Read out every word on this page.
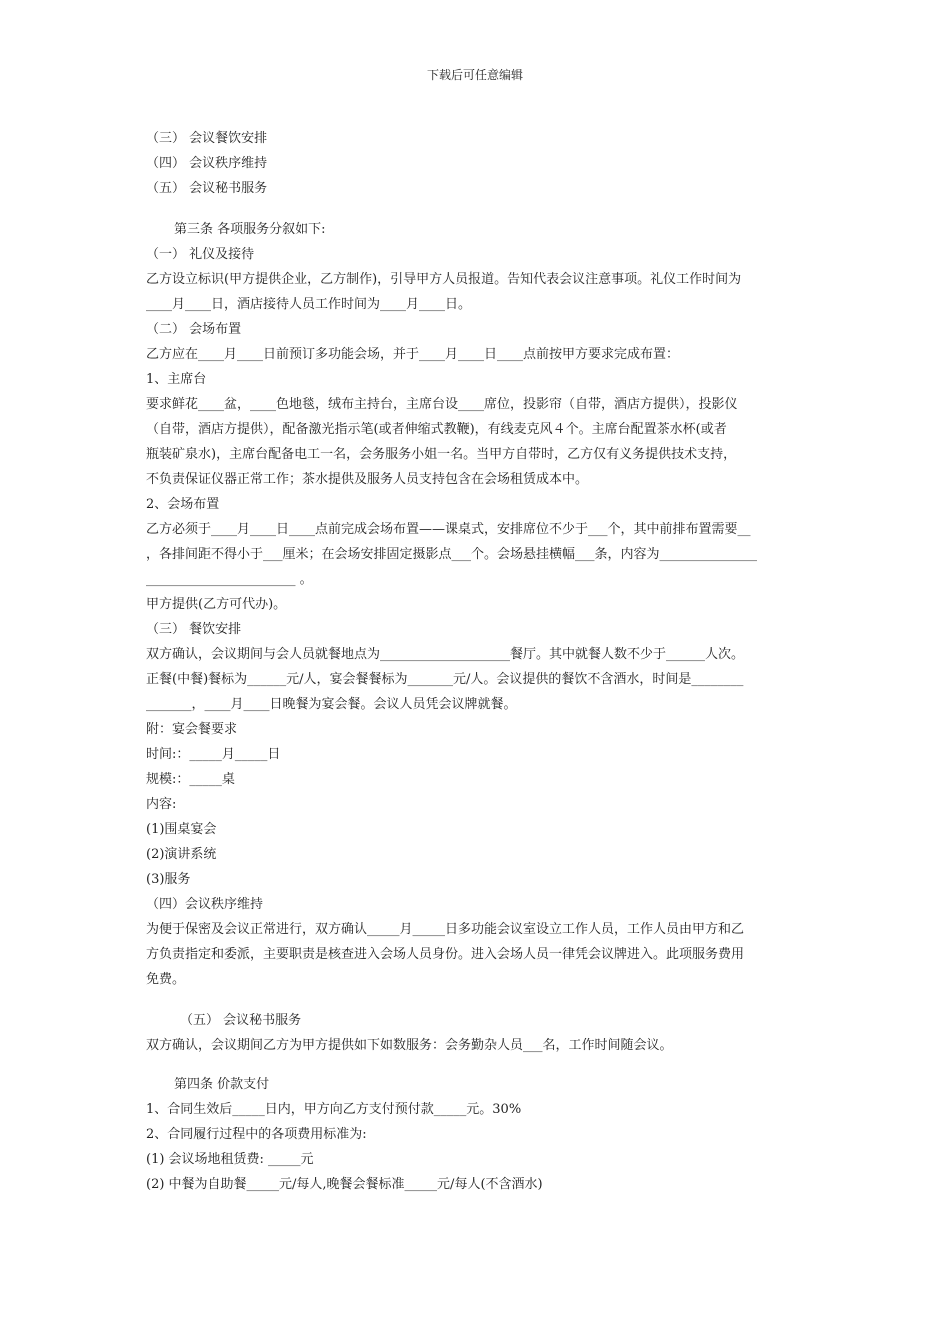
下载后可任意编辑
（三） 会议餐饮安排
（四） 会议秩序维持
（五） 会议秘书服务
第三条 各项服务分叙如下:
（一） 礼仪及接待
乙方设立标识(甲方提供企业，乙方制作)，引导甲方人员报道。告知代表会议注意事项。礼仪工作时间为
____月____日，酒店接待人员工作时间为____月____日。
（二） 会场布置
乙方应在____月____日前预订多功能会场，并于____月____日____点前按甲方要求完成布置：
1、主席台
要求鲜花____盆，____色地毯，绒布主持台，主席台设____席位，投影帘（自带，酒店方提供），投影仪
（自带，酒店方提供），配备激光指示笔(或者伸缩式教鞭)，有线麦克风４个。主席台配置茶水杯(或者
瓶装矿泉水)，主席台配备电工一名，会务服务小姐一名。当甲方自带时，乙方仅有义务提供技术支持，
不负责保证仪器正常工作；茶水提供及服务人员支持包含在会场租赁成本中。
2、会场布置
乙方必须于____月____日____点前完成会场布置——课桌式，安排席位不少于___个，其中前排布置需要__
，各排间距不得小于___厘米；在会场安排固定摄影点___个。会场悬挂横幅___条，内容为_______________
_______________________ 。
甲方提供(乙方可代办)。
（三） 餐饮安排
双方确认，会议期间与会人员就餐地点为____________________餐厅。其中就餐人数不少于______人次。
正餐(中餐)餐标为______元/人，宴会餐餐标为_______元/人。会议提供的餐饮不含酒水，时间是________
_______，____月____日晚餐为宴会餐。会议人员凭会议牌就餐。
附：宴会餐要求
时间:：_____月_____日
规模:：_____桌
内容:
(1)围桌宴会
(2)演讲系统
(3)服务
（四）会议秩序维持
为便于保密及会议正常进行，双方确认_____月_____日多功能会议室设立工作人员，工作人员由甲方和乙
方负责指定和委派，主要职责是核查进入会场人员身份。进入会场人员一律凭会议牌进入。此项服务费用
免费。
（五） 会议秘书服务
双方确认，会议期间乙方为甲方提供如下如数服务：会务勤杂人员___名，工作时间随会议。
第四条 价款支付
1、合同生效后_____日内，甲方向乙方支付预付款_____元。30%
2、合同履行过程中的各项费用标准为:
(1) 会议场地租赁费: _____元
(2) 中餐为自助餐_____元/每人,晚餐会餐标准_____元/每人(不含酒水)
